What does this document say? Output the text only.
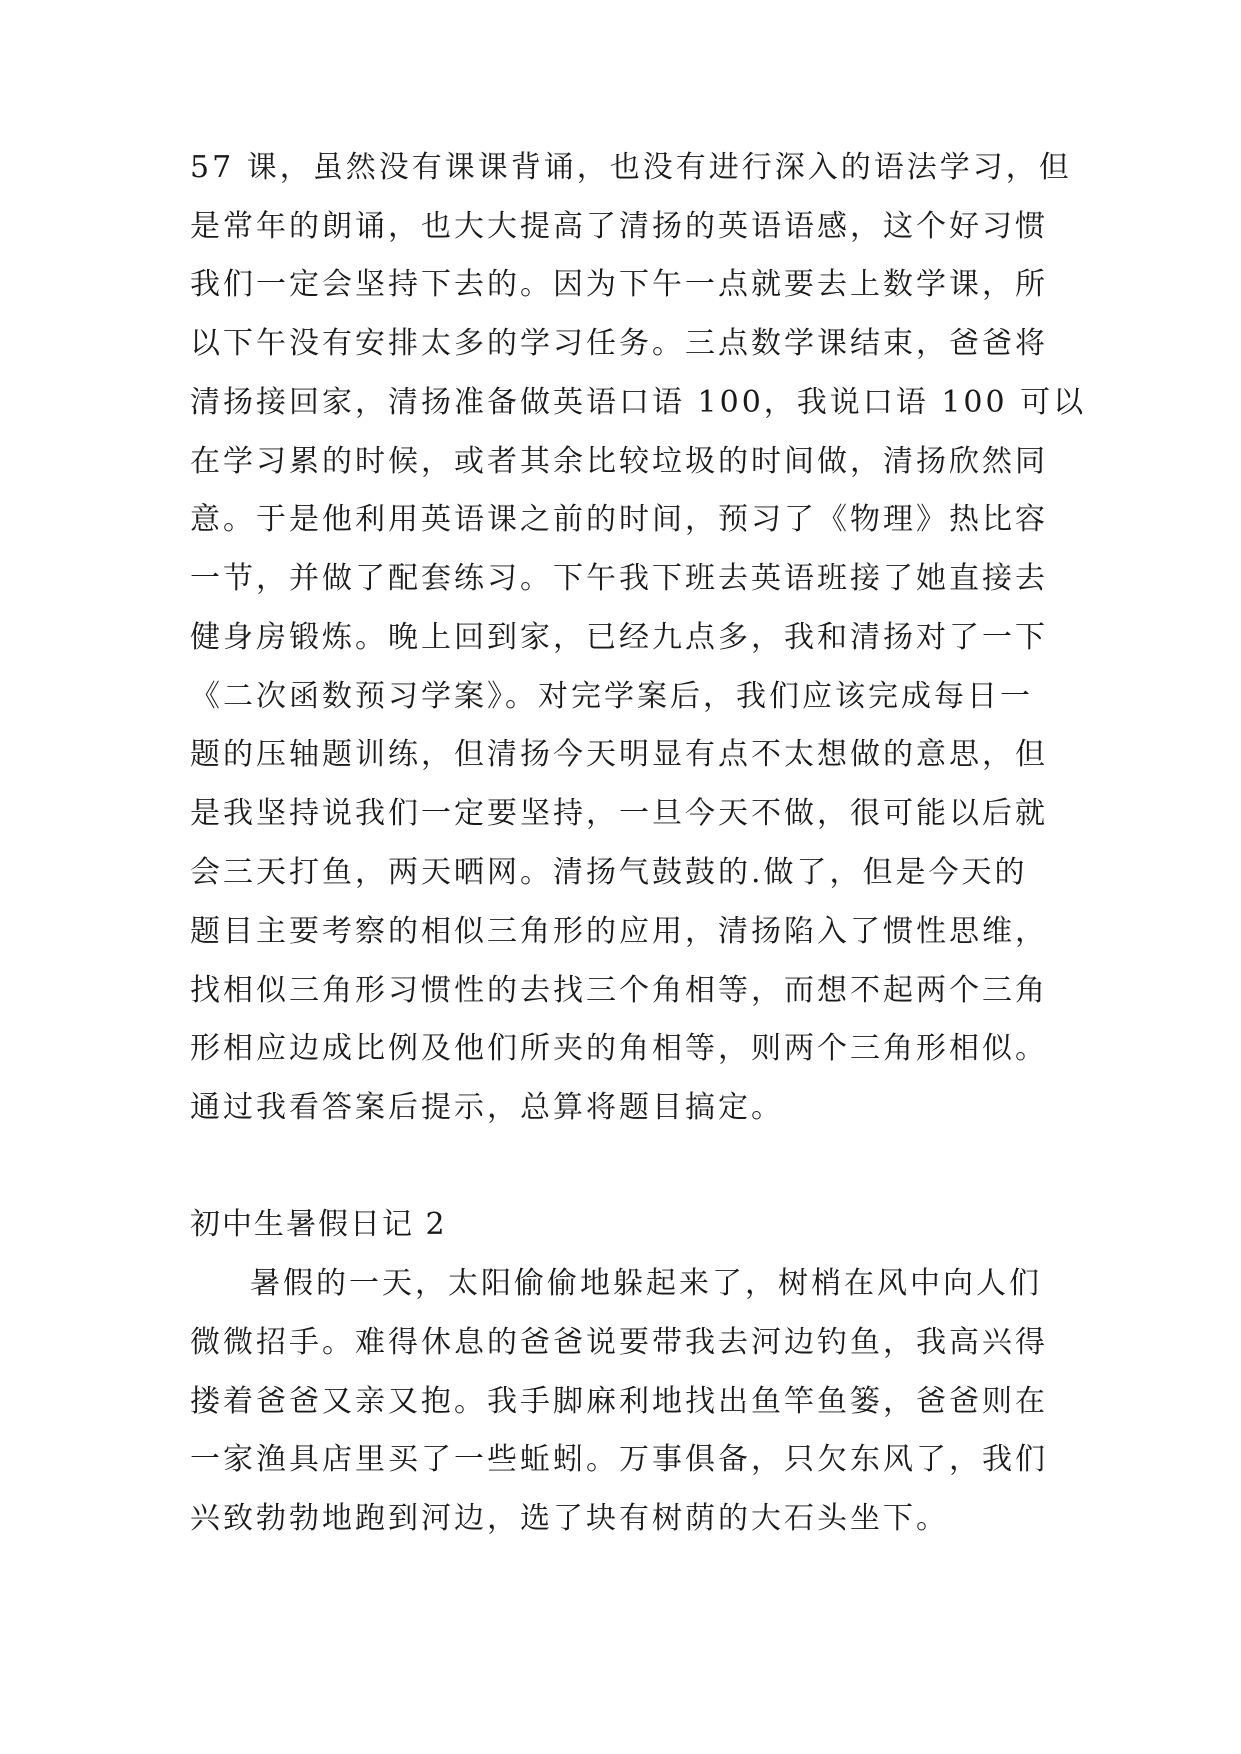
57 课，虽然没有课课背诵，也没有进行深入的语法学习，但
是常年的朗诵，也大大提高了清扬的英语语感，这个好习惯
我们一定会坚持下去的。因为下午一点就要去上数学课，所
以下午没有安排太多的学习任务。三点数学课结束，爸爸将
清扬接回家，清扬准备做英语口语 100，我说口语 100 可以
在学习累的时候，或者其余比较垃圾的时间做，清扬欣然同
意。于是他利用英语课之前的时间，预习了《物理》热比容
一节，并做了配套练习。下午我下班去英语班接了她直接去
健身房锻炼。晚上回到家，已经九点多，我和清扬对了一下
《二次函数预习学案》。对完学案后，我们应该完成每日一
题的压轴题训练，但清扬今天明显有点不太想做的意思，但
是我坚持说我们一定要坚持，一旦今天不做，很可能以后就
会三天打鱼，两天晒网。清扬气鼓鼓的.做了，但是今天的
题目主要考察的相似三角形的应用，清扬陷入了惯性思维，
找相似三角形习惯性的去找三个角相等，而想不起两个三角
形相应边成比例及他们所夹的角相等，则两个三角形相似。
通过我看答案后提示，总算将题目搞定。
初中生暑假日记 2
暑假的一天，太阳偷偷地躲起来了，树梢在风中向人们
微微招手。难得休息的爸爸说要带我去河边钓鱼，我高兴得
搂着爸爸又亲又抱。我手脚麻利地找出鱼竿鱼篓，爸爸则在
一家渔具店里买了一些蚯蚓。万事俱备，只欠东风了，我们
兴致勃勃地跑到河边，选了块有树荫的大石头坐下。
